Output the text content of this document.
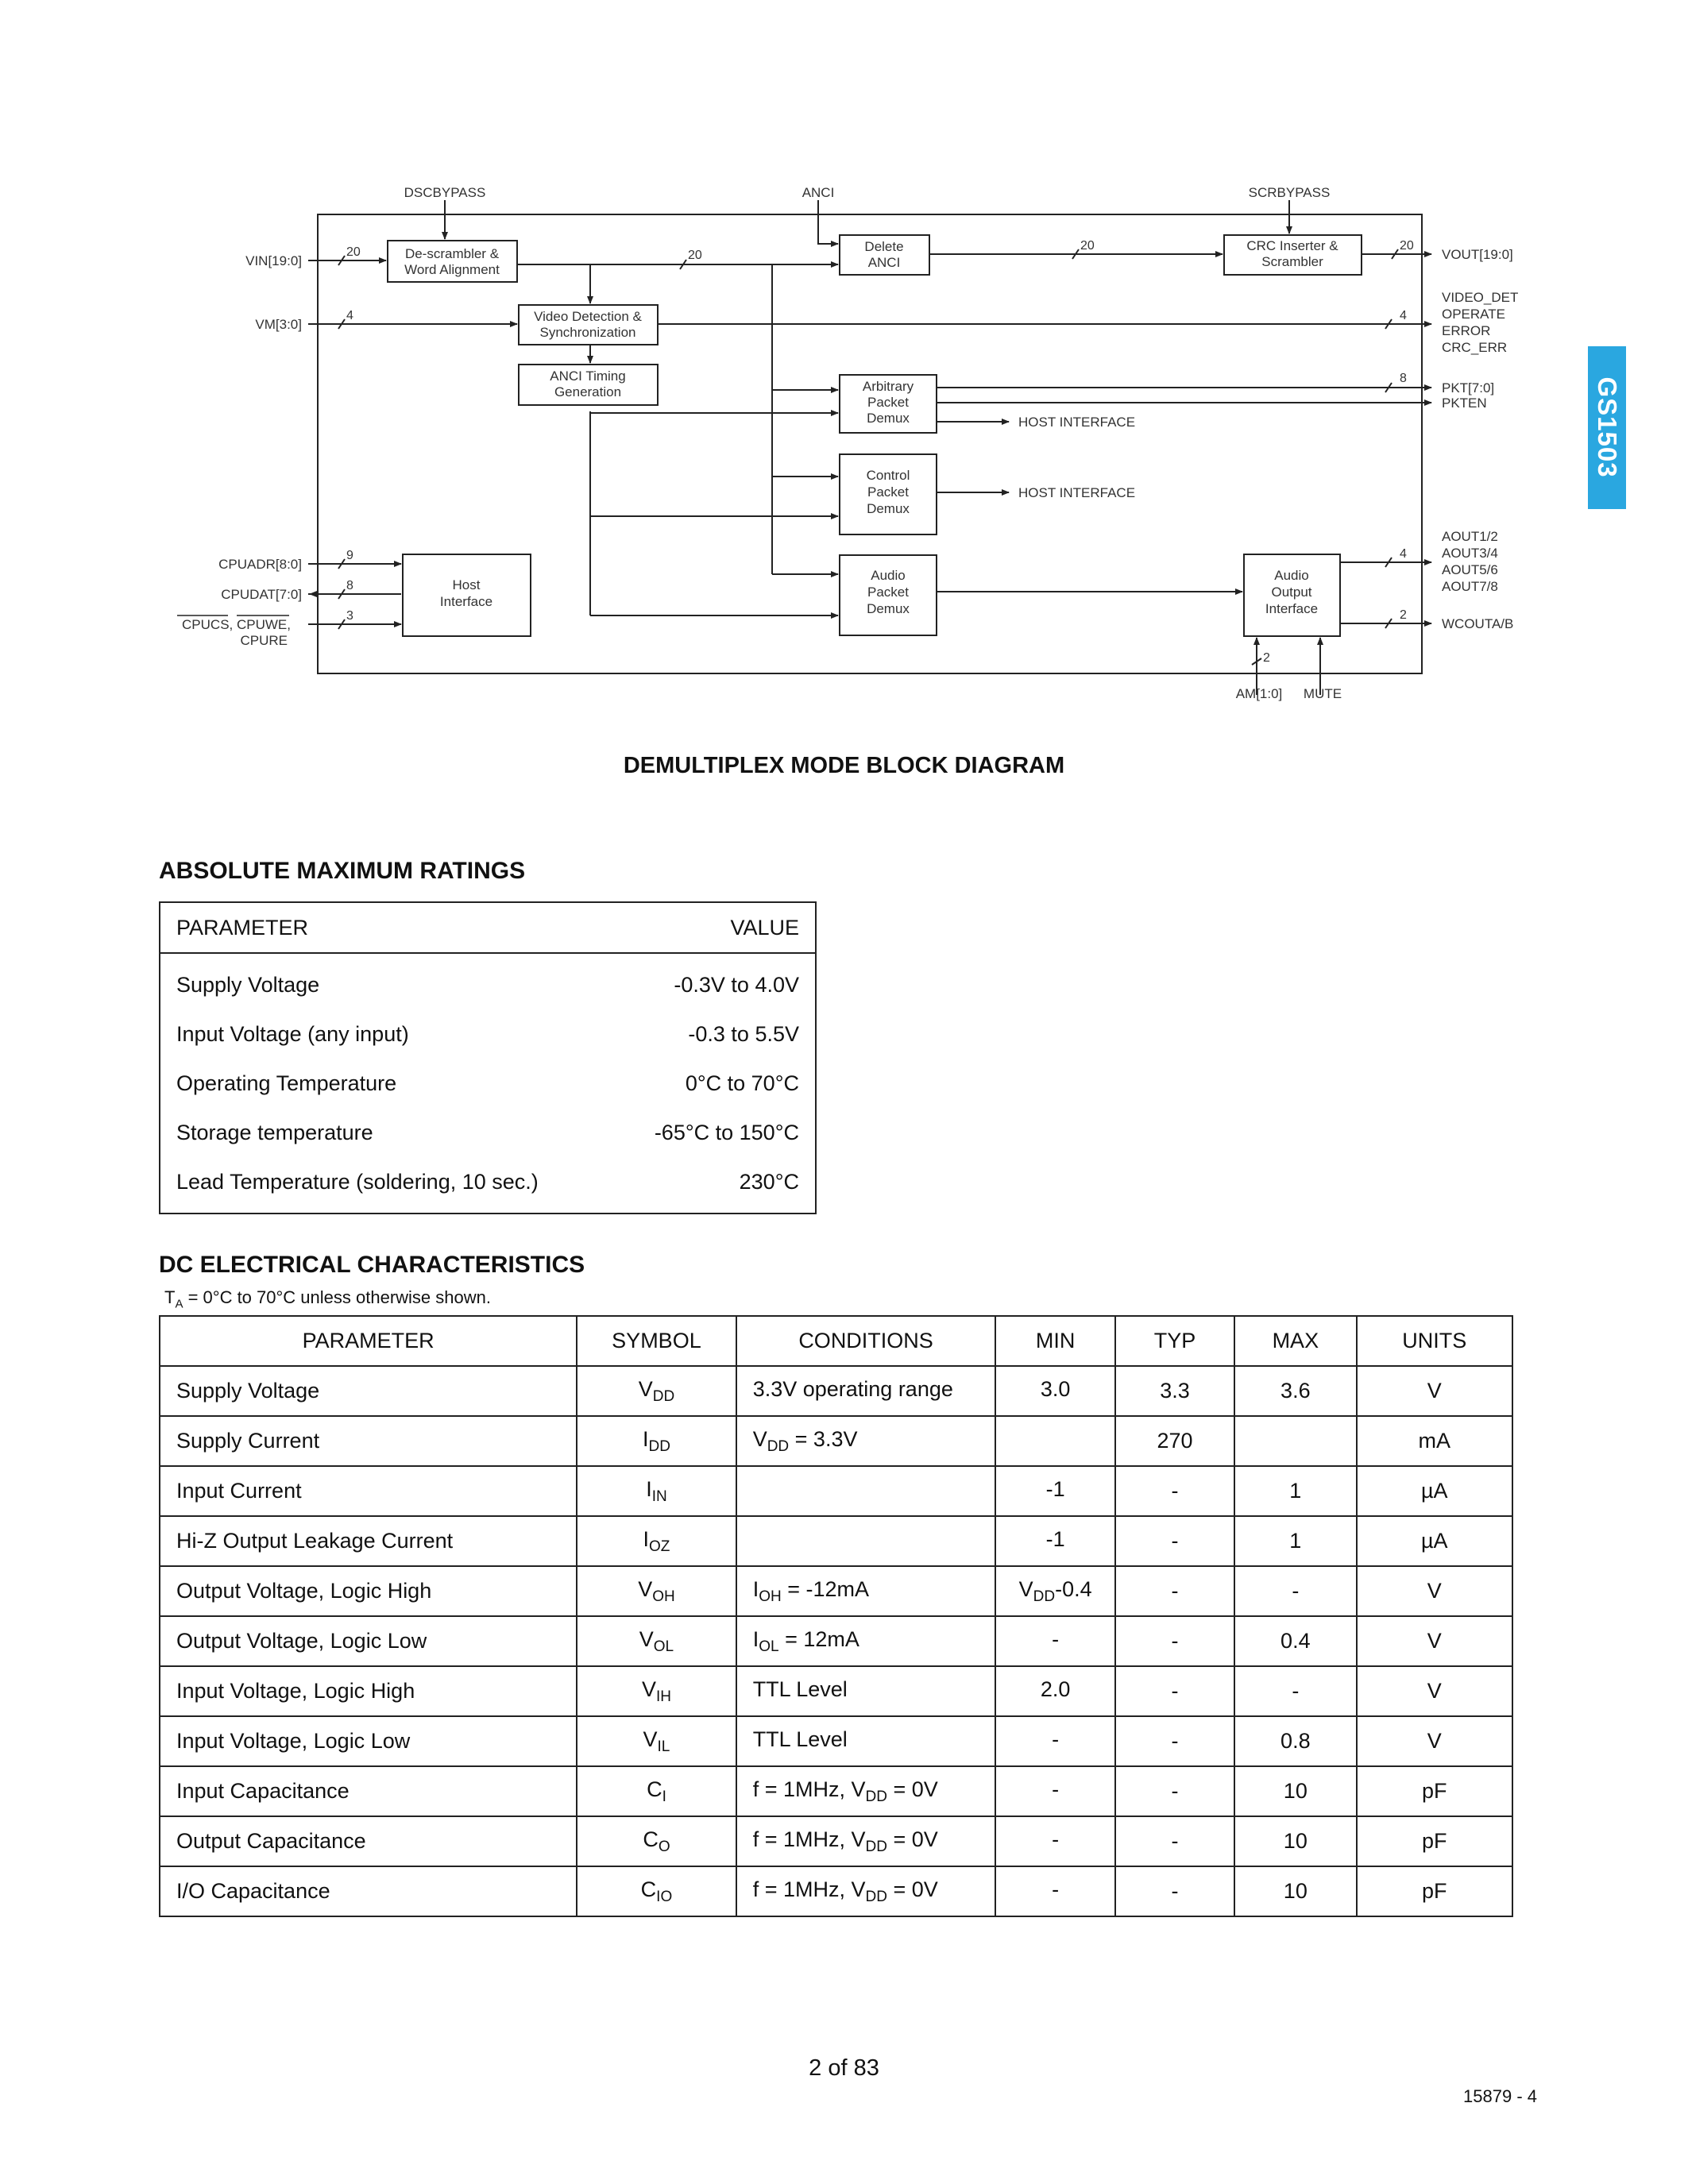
GS1503
DSCBYPASS	ANCI	SCRBYPASS
VIN[19:0]
VM[3:0]
CPUADR[8:0]
CPUDAT[7:0]
CPUCS, CPUWE,
CPURE
VOUT[19:0]
VIDEO_DET
OPERATE
ERROR
CRC_ERR
PKT[7:0]
PKTEN
AOUT1/2
AOUT3/4
AOUT5/6
AOUT7/8
WCOUTA/B
AM[1:0] MUTE
HOST INTERFACE
HOST INTERFACE
De-scrambler &
Word Alignment
Delete
ANCI
CRC Inserter &
Scrambler
Video Detection &
Synchronization
ANCI Timing
Generation	Arbitrary
Packet
Demux
Control
Packet
Demux
Audio
Packet
Demux
Host
Interface
Audio
Output
Interface
20	20
20	20
4	4
8
9
8
3
4
2
2
DEMULTIPLEX MODE BLOCK DIAGRAM
ABSOLUTE MAXIMUM RATINGS
PARAMETER	VALUE
Supply Voltage	-0.3V to 4.0V
Input Voltage (any input)	-0.3 to 5.5V
Operating Temperature	0°C to 70°C
Storage temperature	-65°C to 150°C
Lead Temperature (soldering, 10 sec.)	230°C
DC ELECTRICAL CHARACTERISTICS
$T_A = 0^\circ C$ to 70°C unless otherwise shown.
PARAMETER	SYMBOL	CONDITIONS	MIN	TYP	MAX	UNITS
Supply Voltage	$V_{DD}$	3.3V operating range	3.0	3.3	3.6	V
Supply Current	$I_{DD}$	$V_{DD} = 3.3V$		270		mA
Input Current	$I_{IN}$		-1	-	1	µA
Hi-Z Output Leakage Current	$I_{OZ}$		-1	-	1	µA
Output Voltage, Logic High	$V_{OH}$	$I_{OH} = -12mA$	$V_{DD}-0.4$	-	-	V
Output Voltage, Logic Low	$V_{OL}$	$I_{OL} = 12mA$	-	-	0.4	V
Input Voltage, Logic High	$V_{IH}$	TTL Level	2.0	-	-	V
Input Voltage, Logic Low	$V_{IL}$	TTL Level	-	-	0.8	V
Input Capacitance	$C_I$	f = 1MHz, $V_{DD} = 0V$	-	-	10	pF
Output Capacitance	$C_O$	f = 1MHz, $V_{DD} = 0V$	-	-	10	pF
I/O Capacitance	$C_{IO}$	f = 1MHz, $V_{DD} = 0V$	-	-	10	pF
2 of 83
15879 - 4
